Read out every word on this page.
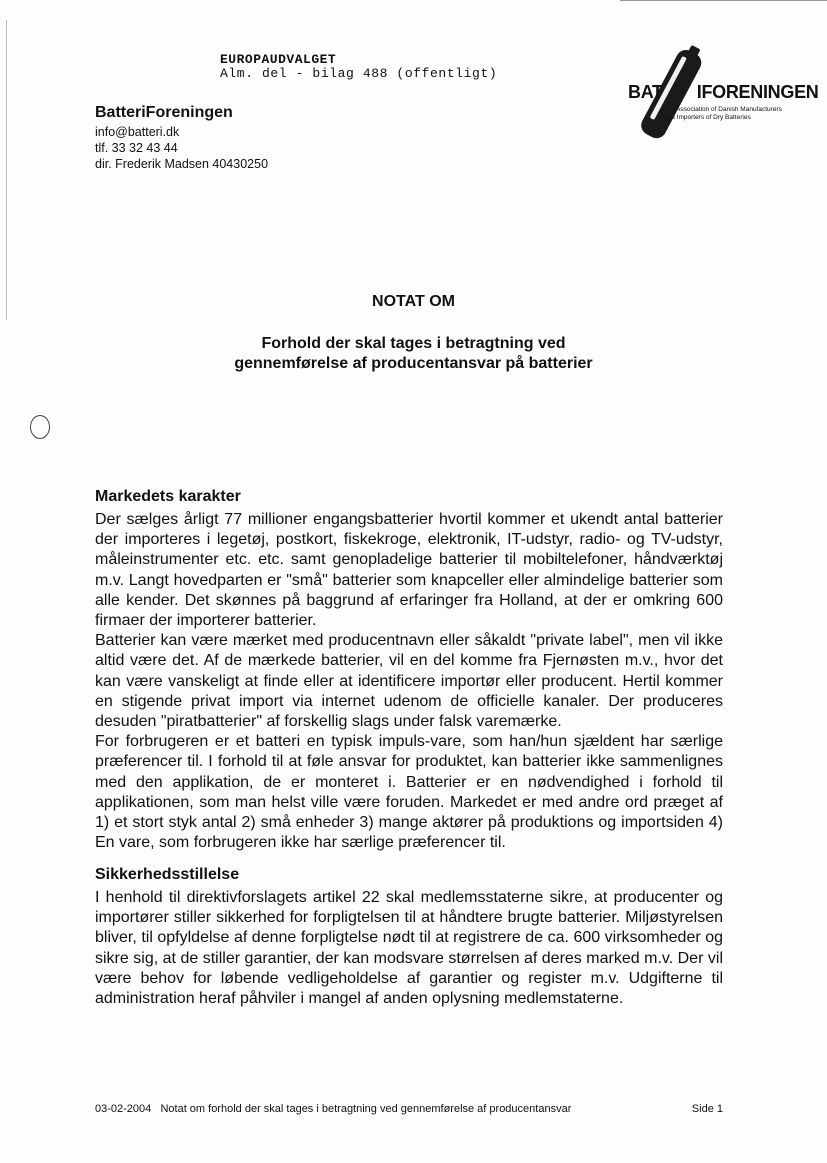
EUROPAUDVALGET
Alm. del - bilag 488 (offentligt)
BatteriForeningen
info@batteri.dk
tlf. 33 32 43 44
dir. Frederik Madsen 40430250
BAT IFORENINGEN
Association of Danish Manufacturers
and Importers of Dry Batteries
NOTAT OM
Forhold der skal tages i betragtning ved
gennemførelse af producentansvar på batterier
Markedets karakter

Der sælges årligt 77 millioner engangsbatterier hvortil kommer et ukendt antal batterier der importeres i legetøj, postkort, fiskekroge, elektronik, IT-udstyr, radio- og TV-udstyr, måleinstrumenter etc. etc. samt genopladelige batterier til mobiltelefoner, håndværktøj m.v. Langt hovedparten er "små" batterier som knapceller eller almindelige batterier som alle kender. Det skønnes på baggrund af erfaringer fra Holland, at der er omkring 600 firmaer der importerer batterier.

Batterier kan være mærket med producentnavn eller såkaldt "private label", men vil ikke altid være det. Af de mærkede batterier, vil en del komme fra Fjernøsten m.v., hvor det kan være vanskeligt at finde eller at identificere importør eller producent. Hertil kommer en stigende privat import via internet udenom de officielle kanaler. Der produceres desuden "piratbatterier" af forskellig slags under falsk varemærke.

For forbrugeren er et batteri en typisk impuls-vare, som han/hun sjældent har særlige præferencer til. I forhold til at føle ansvar for produktet, kan batterier ikke sammenlignes med den applikation, de er monteret i. Batterier er en nødvendighed i forhold til applikationen, som man helst ville være foruden. Markedet er med andre ord præget af 1) et stort styk antal 2) små enheder 3) mange aktører på produktions og importsiden 4) En vare, som forbrugeren ikke har særlige præferencer til.

Sikkerhedsstillelse

I henhold til direktivforslagets artikel 22 skal medlemsstaterne sikre, at producenter og importører stiller sikkerhed for forpligtelsen til at håndtere brugte batterier. Miljøstyrelsen bliver, til opfyldelse af denne forpligtelse nødt til at registrere de ca. 600 virksomheder og sikre sig, at de stiller garantier, der kan modsvare størrelsen af deres marked m.v. Der vil være behov for løbende vedligeholdelse af garantier og register m.v. Udgifterne til administration heraf påhviler i mangel af anden oplysning medlemstaterne.

03-02-2004 Notat om forhold der skal tages i betragtning ved gennemførelse af producentansvar	Side 1
